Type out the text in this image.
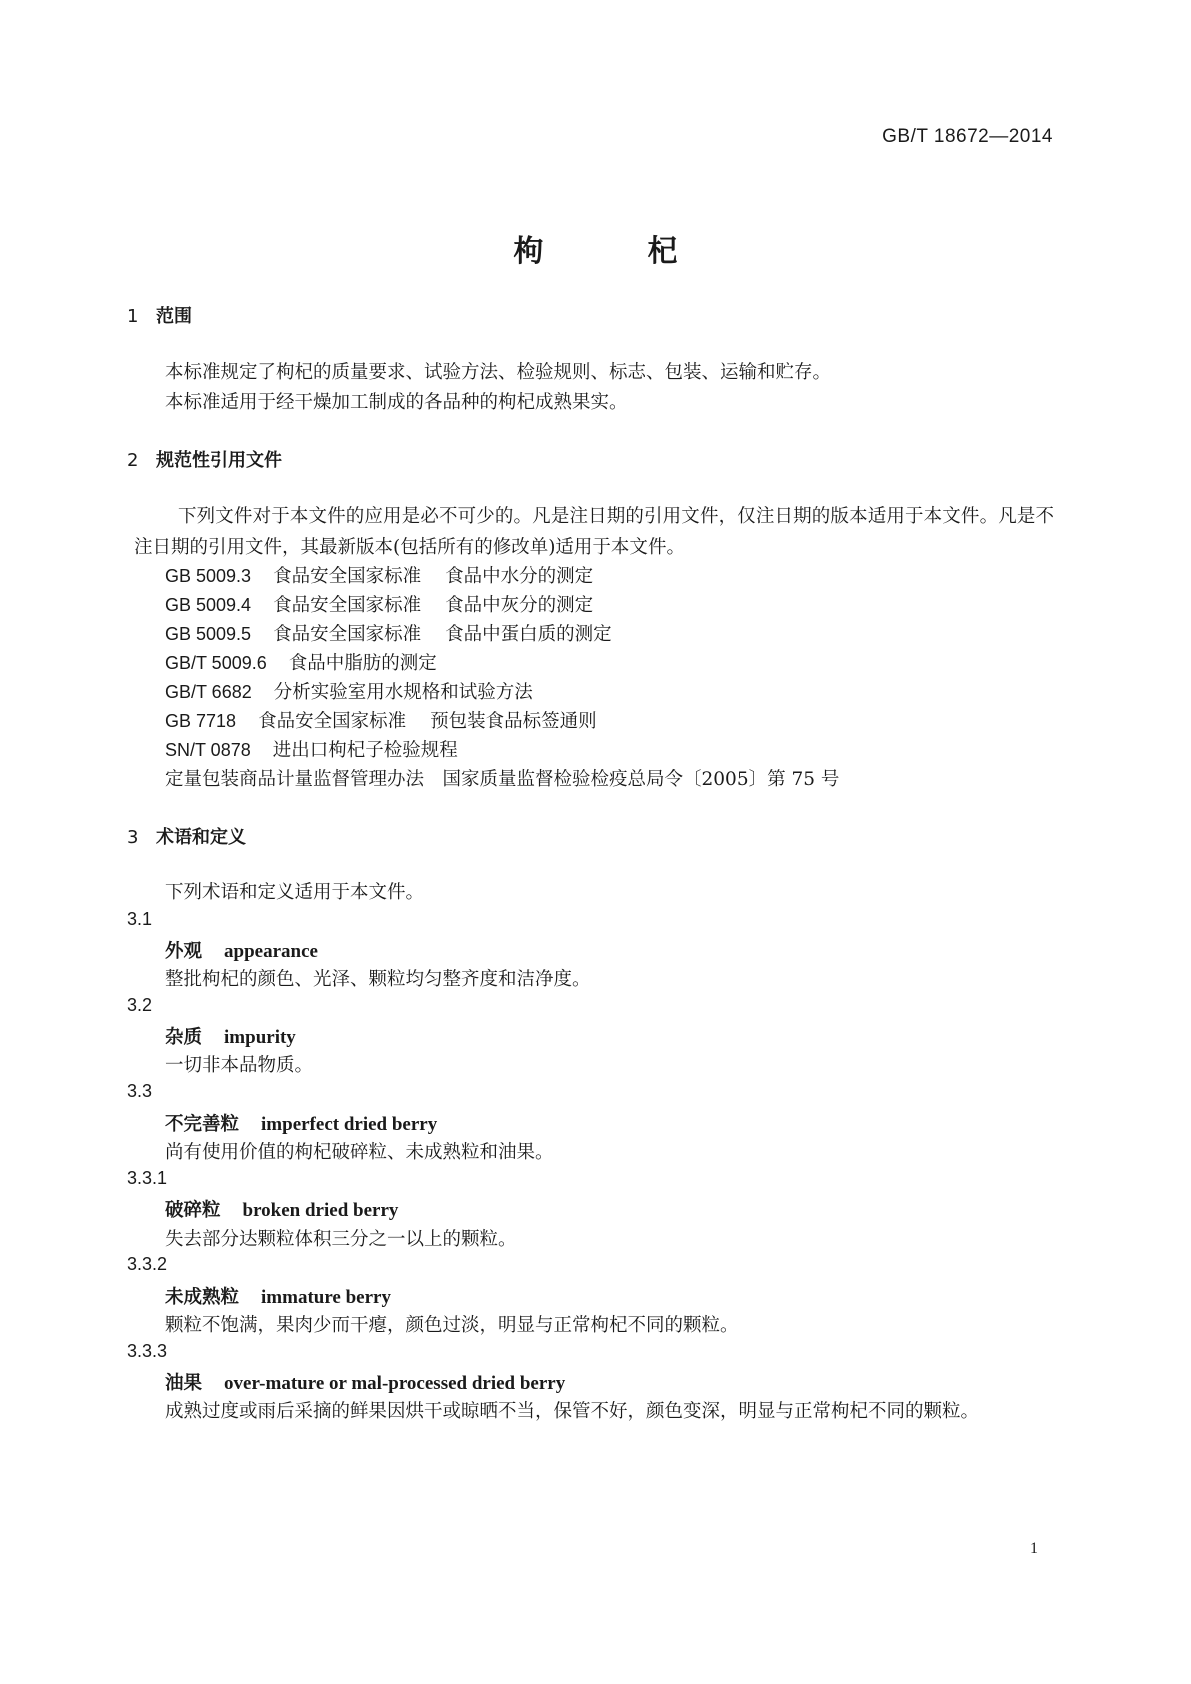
GB/T 18672—2014
枸	杞
1 范围
本标准规定了枸杞的质量要求、试验方法、检验规则、标志、包装、运输和贮存。
本标准适用于经干燥加工制成的各品种的枸杞成熟果实。
2 规范性引用文件
下列文件对于本文件的应用是必不可少的。凡是注日期的引用文件，仅注日期的版本适用于本文件。凡是不注日期的引用文件，其最新版本(包括所有的修改单)适用于本文件。
GB 5009.3 食品安全国家标准 食品中水分的测定
GB 5009.4 食品安全国家标准 食品中灰分的测定
GB 5009.5 食品安全国家标准 食品中蛋白质的测定
GB/T 5009.6 食品中脂肪的测定
GB/T 6682 分析实验室用水规格和试验方法
GB 7718 食品安全国家标准 预包装食品标签通则
SN/T 0878 进出口枸杞子检验规程
定量包装商品计量监督管理办法　国家质量监督检验检疫总局令〔2005〕第 75 号
3 术语和定义
下列术语和定义适用于本文件。
3.1
外观 appearance
整批枸杞的颜色、光泽、颗粒均匀整齐度和洁净度。
3.2
杂质 impurity
一切非本品物质。
3.3
不完善粒 imperfect dried berry
尚有使用价值的枸杞破碎粒、未成熟粒和油果。
3.3.1
破碎粒 broken dried berry
失去部分达颗粒体积三分之一以上的颗粒。
3.3.2
未成熟粒 immature berry
颗粒不饱满，果肉少而干瘪，颜色过淡，明显与正常枸杞不同的颗粒。
3.3.3
油果 over-mature or mal-processed dried berry
成熟过度或雨后采摘的鲜果因烘干或晾晒不当，保管不好，颜色变深，明显与正常枸杞不同的颗粒。
1
